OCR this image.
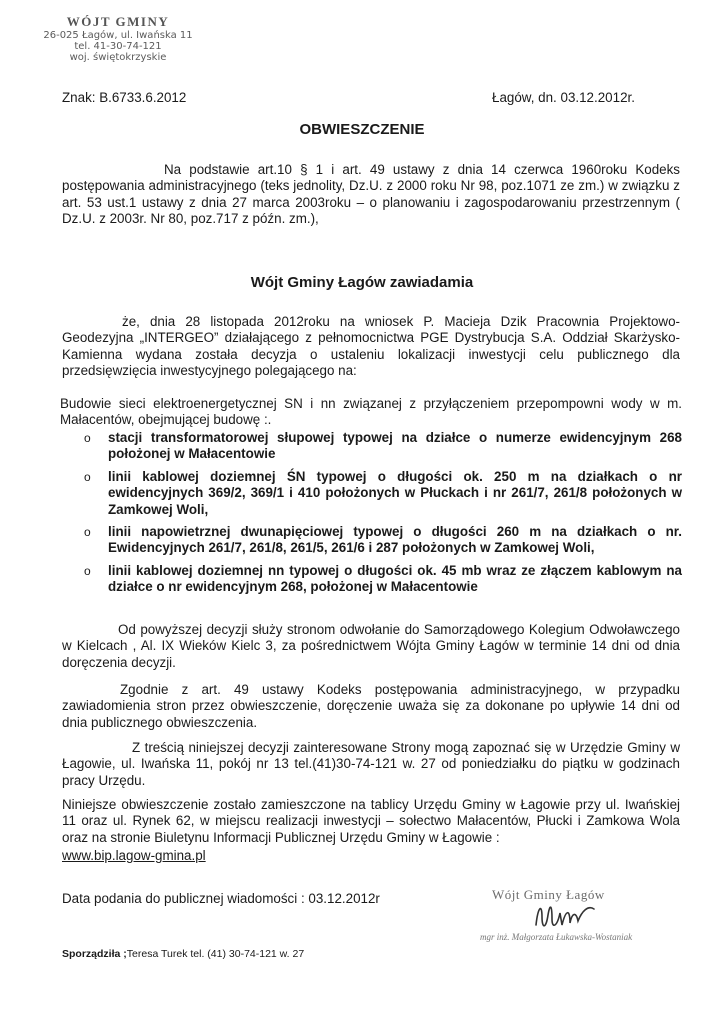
WÓJT GMINY
26-025 Łagów, ul. Iwańska 11
tel. 41-30-74-121
woj. świętokrzyskie
Znak: B.6733.6.2012	Łagów, dn. 03.12.2012r.
OBWIESZCZENIE
Na podstawie art.10 § 1 i art. 49 ustawy z dnia 14 czerwca 1960roku Kodeks postępowania administracyjnego (teks jednolity, Dz.U. z 2000 roku Nr 98, poz.1071 ze zm.) w związku z art. 53 ust.1 ustawy z dnia 27 marca 2003roku – o planowaniu i zagospodarowaniu przestrzennym ( Dz.U. z 2003r. Nr 80, poz.717 z późn. zm.),
Wójt Gminy Łagów zawiadamia
że, dnia 28 listopada 2012roku na wniosek P. Macieja Dzik Pracownia Projektowo-Geodezyjna „INTERGEO” działającego z pełnomocnictwa PGE Dystrybucja S.A. Oddział Skarżysko- Kamienna wydana została decyzja o ustaleniu lokalizacji inwestycji celu publicznego dla przedsięwzięcia inwestycyjnego polegającego na:
Budowie sieci elektroenergetycznej SN i nn związanej z przyłączeniem przepompowni wody w m. Małacentów, obejmującej budowę :.
o stacji transformatorowej słupowej typowej na działce o numerze ewidencyjnym 268 położonej w Małacentowie
o linii kablowej doziemnej ŚN typowej o długości ok. 250 m na działkach o nr ewidencyjnych 369/2, 369/1 i 410 położonych w Płuckach i nr 261/7, 261/8 położonych w Zamkowej Woli,
o linii napowietrznej dwunapięciowej typowej o długości 260 m na działkach o nr. Ewidencyjnych 261/7, 261/8, 261/5, 261/6 i 287 położonych w Zamkowej Woli,
o linii kablowej doziemnej nn typowej o długości ok. 45 mb wraz ze złączem kablowym na działce o nr ewidencyjnym 268, położonej w Małacentowie
Od powyższej decyzji służy stronom odwołanie do Samorządowego Kolegium Odwoławczego w Kielcach , Al. IX Wieków Kielc 3, za pośrednictwem Wójta Gminy Łagów w terminie 14 dni od dnia doręczenia decyzji.
Zgodnie z art. 49 ustawy Kodeks postępowania administracyjnego, w przypadku zawiadomienia stron przez obwieszczenie, doręczenie uważa się za dokonane po upływie 14 dni od dnia publicznego obwieszczenia.
Z treścią niniejszej decyzji zainteresowane Strony mogą zapoznać się w Urzędzie Gminy w Łagowie, ul. Iwańska 11, pokój nr 13 tel.(41)30-74-121 w. 27 od poniedziałku do piątku w godzinach pracy Urzędu.
Niniejsze obwieszczenie zostało zamieszczone na tablicy Urzędu Gminy w Łagowie przy ul. Iwańskiej 11 oraz ul. Rynek 62, w miejscu realizacji inwestycji – sołectwo Małacentów, Płucki i Zamkowa Wola oraz na stronie Biuletynu Informacji Publicznej Urzędu Gminy w Łagowie :
www.bip.lagow-gmina.pl
Data podania do publicznej wiadomości : 03.12.2012r	Wójt Gminy Łagów
mgr inż. Małgorzata Łukawska-Wostaniak
Sporządziła ;Teresa Turek tel. (41) 30-74-121 w. 27
